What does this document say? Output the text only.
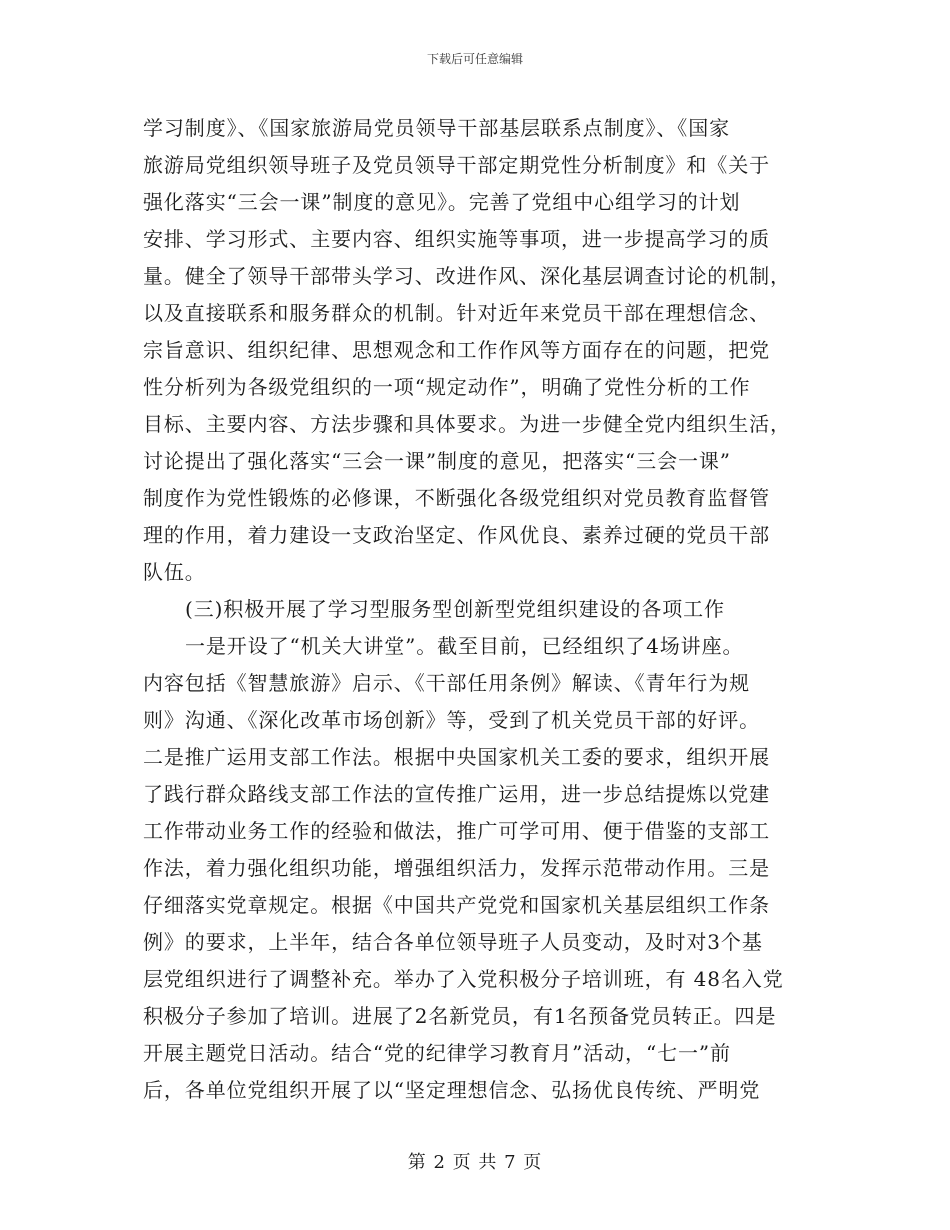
下载后可任意编辑
学习制度》、《国家旅游局党员领导干部基层联系点制度》、《国家
旅游局党组织领导班子及党员领导干部定期党性分析制度》和《关于
强化落实“三会一课”制度的意见》。完善了党组中心组学习的计划
安排、学习形式、主要内容、组织实施等事项，进一步提高学习的质
量。健全了领导干部带头学习、改进作风、深化基层调查讨论的机制，
以及直接联系和服务群众的机制。针对近年来党员干部在理想信念、
宗旨意识、组织纪律、思想观念和工作作风等方面存在的问题，把党
性分析列为各级党组织的一项“规定动作”，明确了党性分析的工作
目标、主要内容、方法步骤和具体要求。为进一步健全党内组织生活，
讨论提出了强化落实“三会一课”制度的意见，把落实“三会一课”
制度作为党性锻炼的必修课，不断强化各级党组织对党员教育监督管
理的作用，着力建设一支政治坚定、作风优良、素养过硬的党员干部
队伍。
(三)积极开展了学习型服务型创新型党组织建设的各项工作
一是开设了“机关大讲堂”。截至目前，已经组织了4场讲座。
内容包括《智慧旅游》启示、《干部任用条例》解读、《青年行为规
则》沟通、《深化改革市场创新》等，受到了机关党员干部的好评。
二是推广运用支部工作法。根据中央国家机关工委的要求，组织开展
了践行群众路线支部工作法的宣传推广运用，进一步总结提炼以党建
工作带动业务工作的经验和做法，推广可学可用、便于借鉴的支部工
作法，着力强化组织功能，增强组织活力，发挥示范带动作用。三是
仔细落实党章规定。根据《中国共产党党和国家机关基层组织工作条
例》的要求，上半年，结合各单位领导班子人员变动，及时对3个基
层党组织进行了调整补充。举办了入党积极分子培训班，有 48名入党
积极分子参加了培训。进展了2名新党员，有1名预备党员转正。四是
开展主题党日活动。结合“党的纪律学习教育月”活动，“七一”前
后，各单位党组织开展了以“坚定理想信念、弘扬优良传统、严明党
第 2 页 共 7 页
